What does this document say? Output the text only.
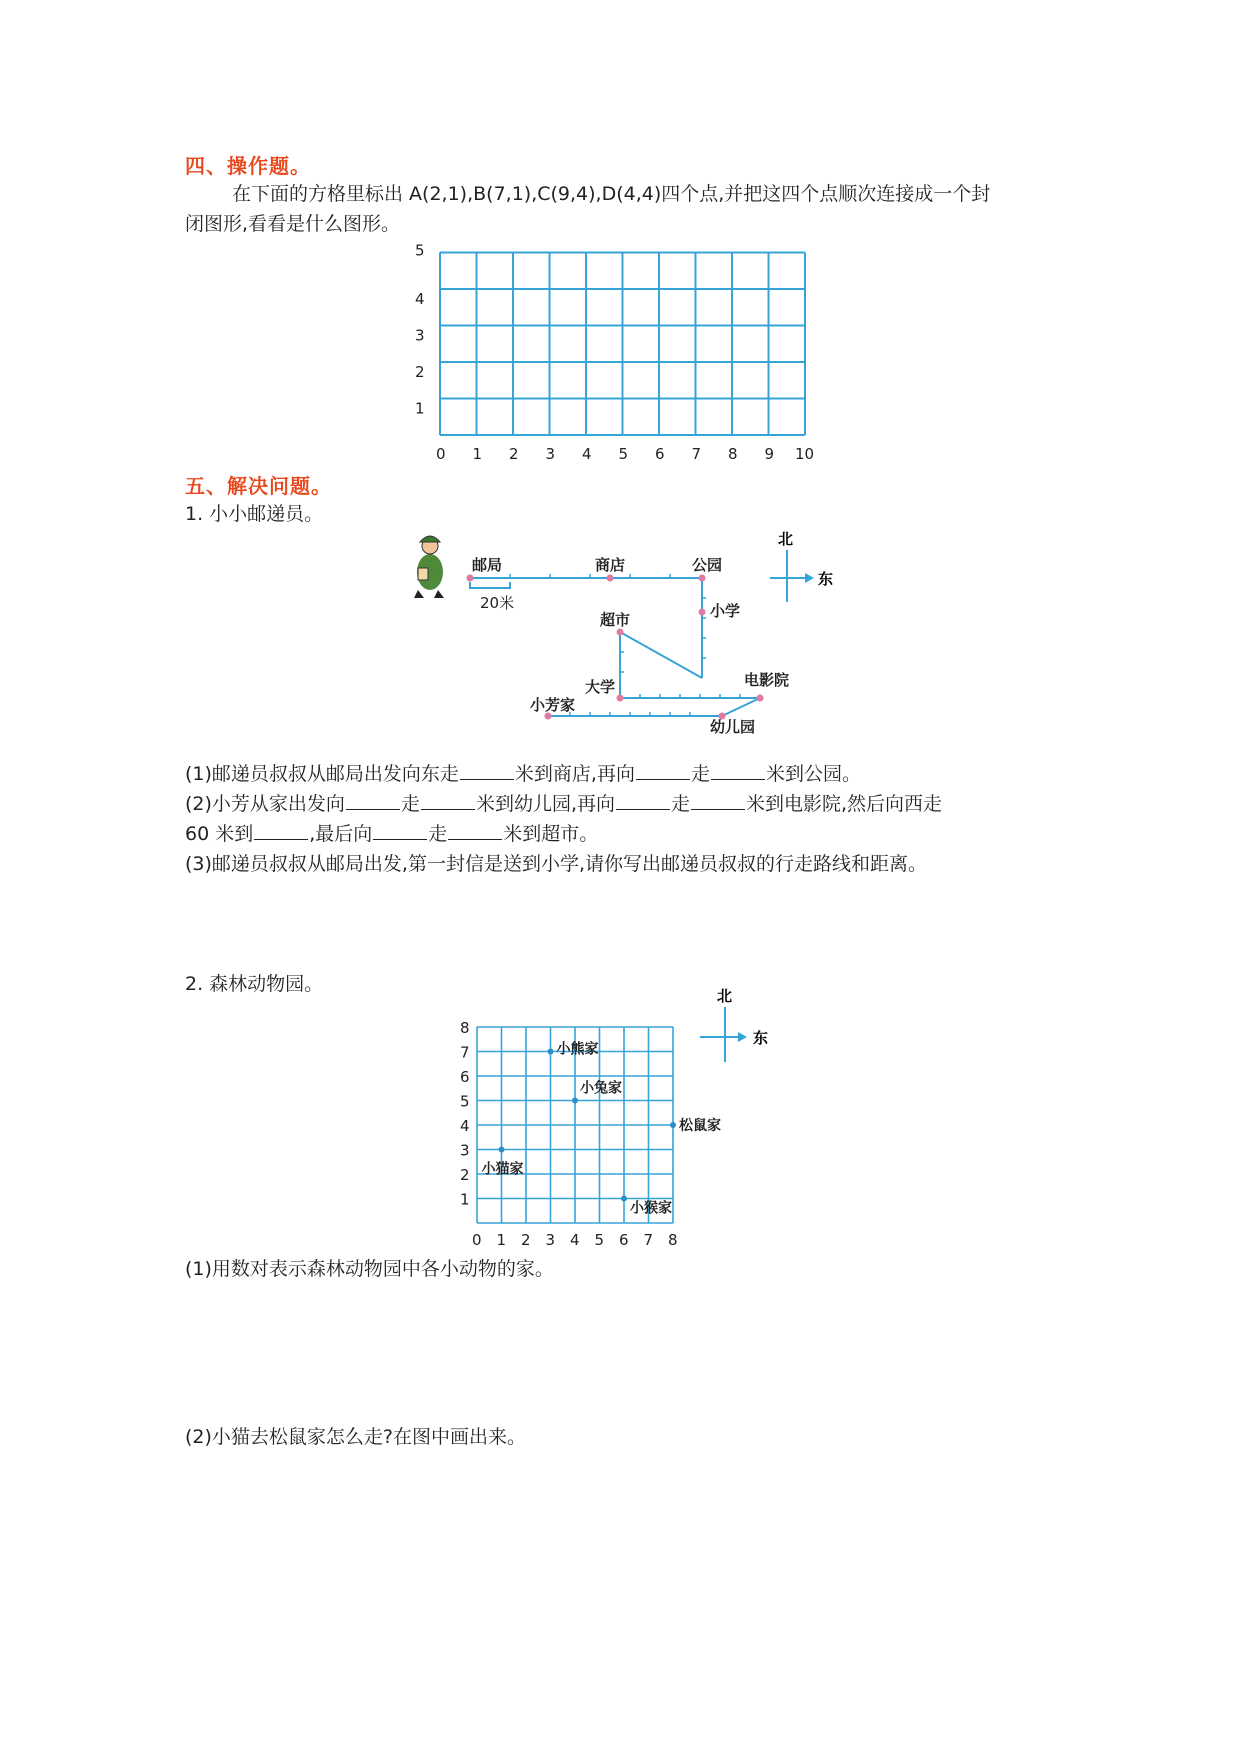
四、操作题。
在下面的方格里标出 A(2,1),B(7,1),C(9,4),D(4,4)四个点,并把这四个点顺次连接成一个封
闭图形,看看是什么图形。
0 1 2 3 4 5 6 7 8 9 10
1
2
3
4
5
五、解决问题。
1. 小小邮递员。
邮局	商店	公园
小学
超市
大学	电影院
小芳家
幼儿园
20米
北
东
(1)邮递员叔叔从邮局出发向东走	米到商店,再向	走	米到公园。
(2)小芳从家出发向	走	米到幼儿园,再向	走	米到电影院,然后向西走
60 米到	,最后向	走	米到超市。
(3)邮递员叔叔从邮局出发,第一封信是送到小学,请你写出邮递员叔叔的行走路线和距离。
2. 森林动物园。
0 1 2 3 4 5 6 7 8
1
2
3
4
5
6
7
8
小熊家
小兔家
松鼠家
小猫家
小猴家
北
东
(1)用数对表示森林动物园中各小动物的家。
(2)小猫去松鼠家怎么走?在图中画出来。
